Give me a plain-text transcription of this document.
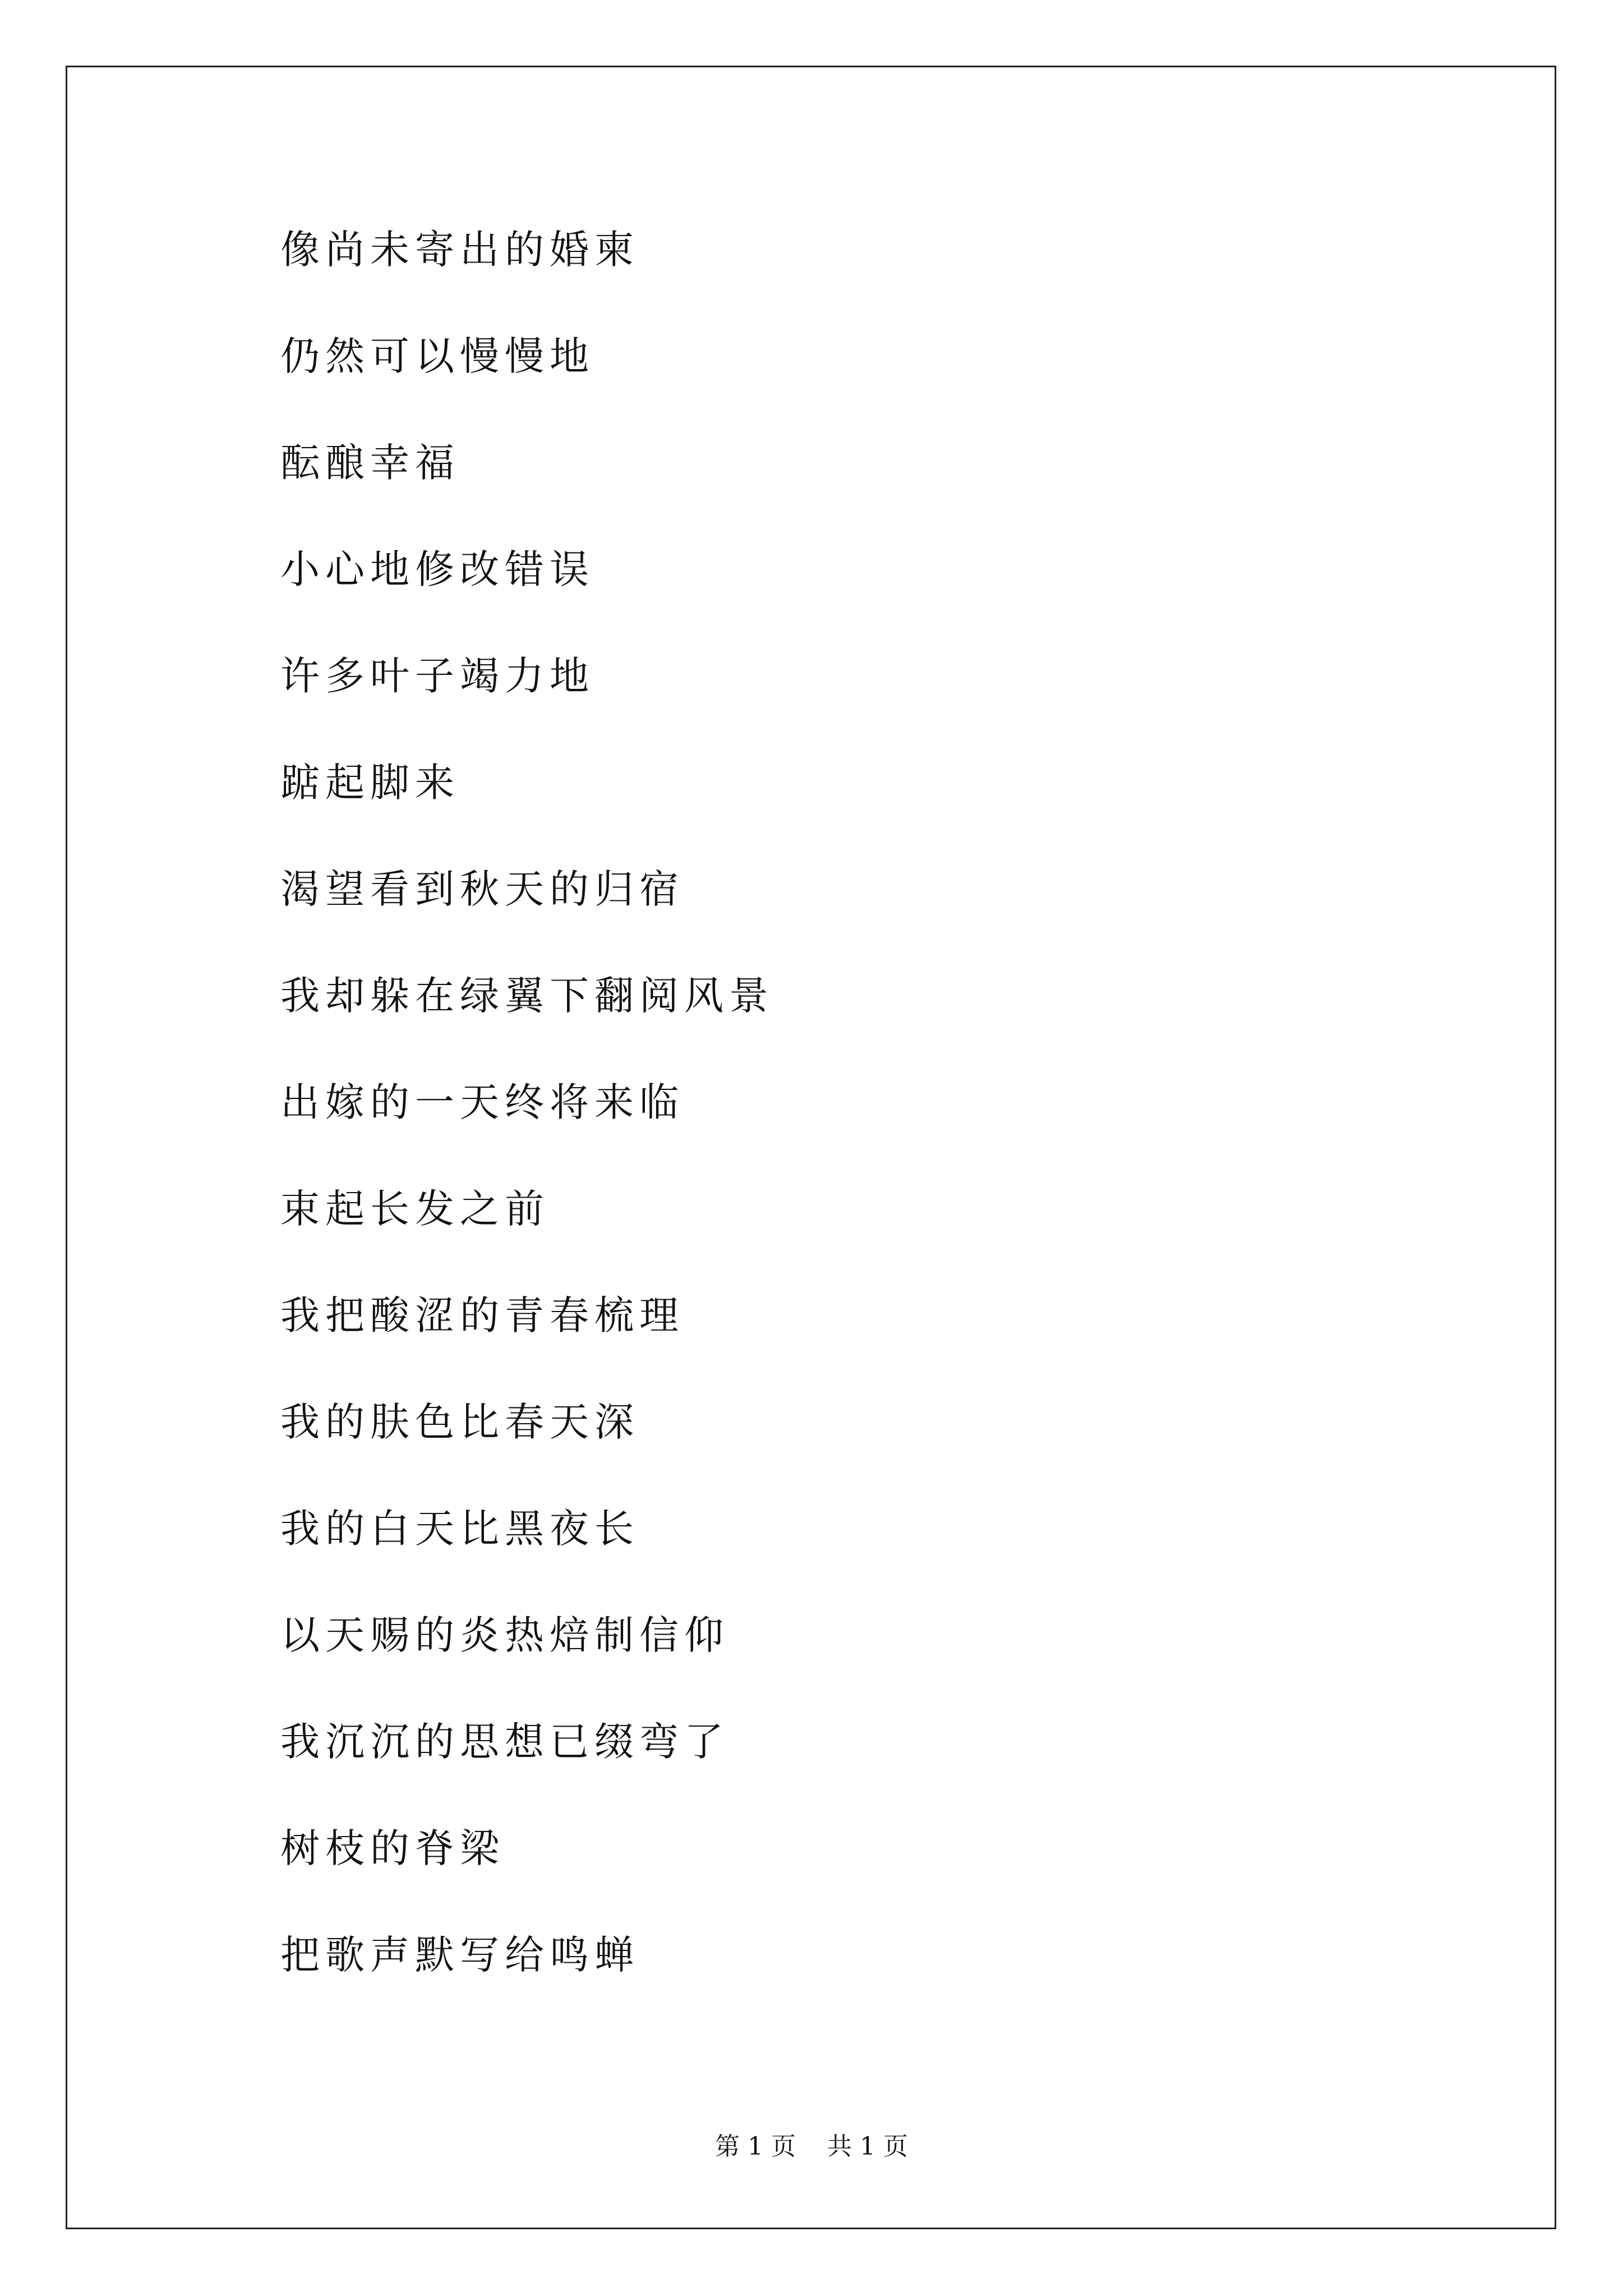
像尚未寄出的婚柬
仍然可以慢慢地
酝酿幸福
小心地修改错误
许多叶子竭力地
踮起脚来
渴望看到秋天的归宿
我却躲在绿翼下翻阅风景
出嫁的一天终将来临
束起长发之前
我把酸涩的青春梳理
我的肤色比春天深
我的白天比黑夜长
以天赐的炎热焙制信仰
我沉沉的思想已缀弯了
树枝的脊梁
把歌声默写给鸣蝉
第 1 页    共 1 页
